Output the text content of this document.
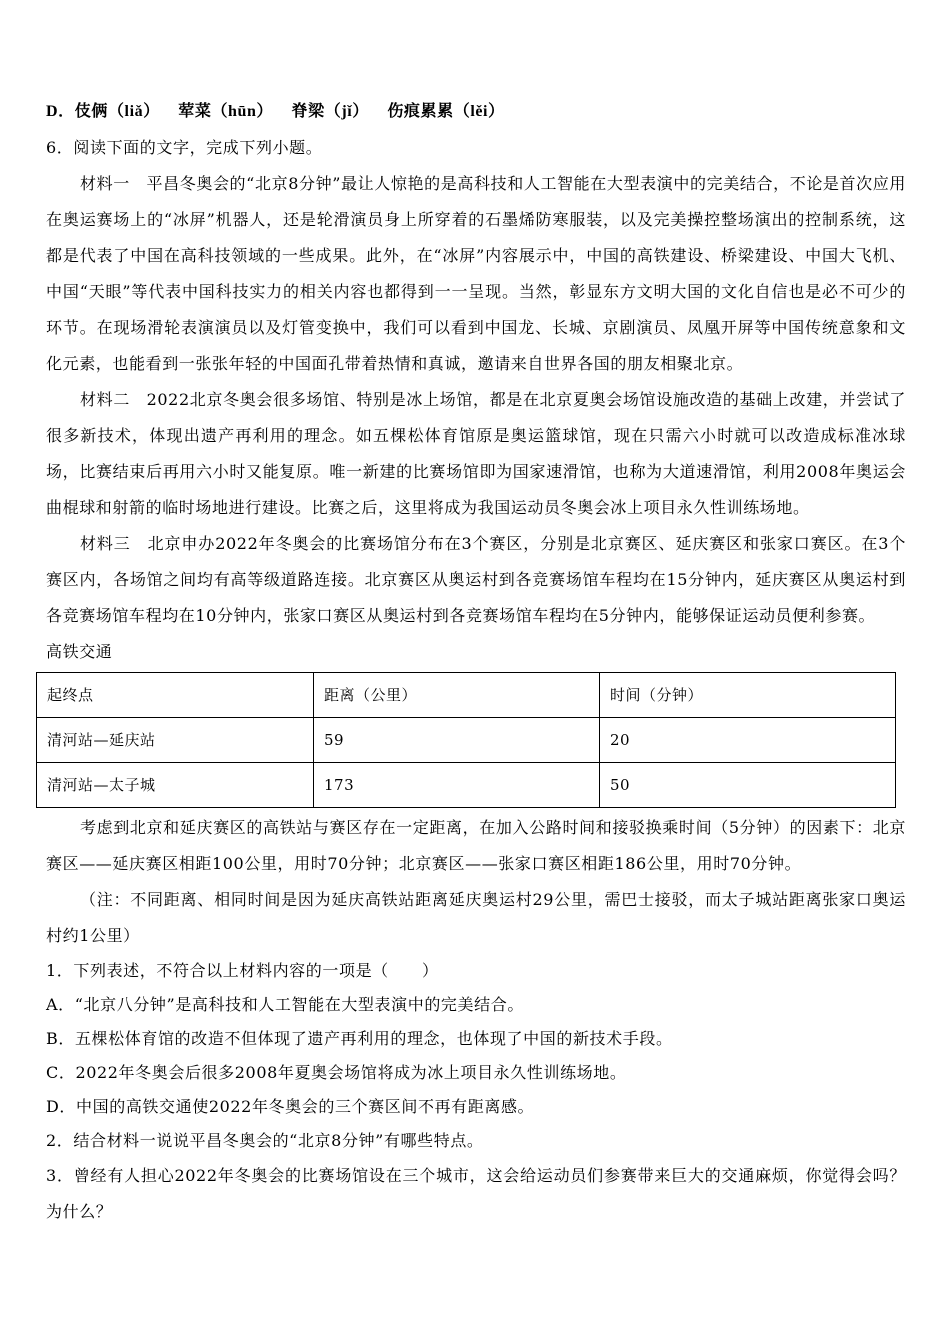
D．伎俩（liǎ）    荤菜（hūn）    脊梁（jǐ）    伤痕累累（lěi）

6．阅读下面的文字，完成下列小题。

材料一　平昌冬奥会的“北京8分钟”最让人惊艳的是高科技和人工智能在大型表演中的完美结合，不论是首次应用在奥运赛场上的“冰屏”机器人，还是轮滑演员身上所穿着的石墨烯防寒服装，以及完美操控整场演出的控制系统，这都是代表了中国在高科技领域的一些成果。此外，在“冰屏”内容展示中，中国的高铁建设、桥梁建设、中国大飞机、中国“天眼”等代表中国科技实力的相关内容也都得到一一呈现。当然，彰显东方文明大国的文化自信也是必不可少的环节。在现场滑轮表演演员以及灯管变换中，我们可以看到中国龙、长城、京剧演员、凤凰开屏等中国传统意象和文化元素，也能看到一张张年轻的中国面孔带着热情和真诚，邀请来自世界各国的朋友相聚北京。

材料二　2022北京冬奥会很多场馆、特别是冰上场馆，都是在北京夏奥会场馆设施改造的基础上改建，并尝试了很多新技术，体现出遗产再利用的理念。如五棵松体育馆原是奥运篮球馆，现在只需六小时就可以改造成标准冰球场，比赛结束后再用六小时又能复原。唯一新建的比赛场馆即为国家速滑馆，也称为大道速滑馆，利用2008年奥运会曲棍球和射箭的临时场地进行建设。比赛之后，这里将成为我国运动员冬奥会冰上项目永久性训练场地。

材料三　北京申办2022年冬奥会的比赛场馆分布在3个赛区，分别是北京赛区、延庆赛区和张家口赛区。在3个赛区内，各场馆之间均有高等级道路连接。北京赛区从奥运村到各竞赛场馆车程均在15分钟内，延庆赛区从奥运村到各竞赛场馆车程均在10分钟内，张家口赛区从奥运村到各竞赛场馆车程均在5分钟内，能够保证运动员便利参赛。

高铁交通

起终点	距离（公里）	时间（分钟）
清河站—延庆站	59	20
清河站—太子城	173	50

考虑到北京和延庆赛区的高铁站与赛区存在一定距离，在加入公路时间和接驳换乘时间（5分钟）的因素下：北京赛区——延庆赛区相距100公里，用时70分钟；北京赛区——张家口赛区相距186公里，用时70分钟。

（注：不同距离、相同时间是因为延庆高铁站距离延庆奥运村29公里，需巴士接驳，而太子城站距离张家口奥运村约1公里）

1．下列表述，不符合以上材料内容的一项是（　　）

A．“北京八分钟”是高科技和人工智能在大型表演中的完美结合。

B．五棵松体育馆的改造不但体现了遗产再利用的理念，也体现了中国的新技术手段。

C．2022年冬奥会后很多2008年夏奥会场馆将成为冰上项目永久性训练场地。

D．中国的高铁交通使2022年冬奥会的三个赛区间不再有距离感。

2．结合材料一说说平昌冬奥会的“北京8分钟”有哪些特点。

3．曾经有人担心2022年冬奥会的比赛场馆设在三个城市，这会给运动员们参赛带来巨大的交通麻烦，你觉得会吗？为什么？
